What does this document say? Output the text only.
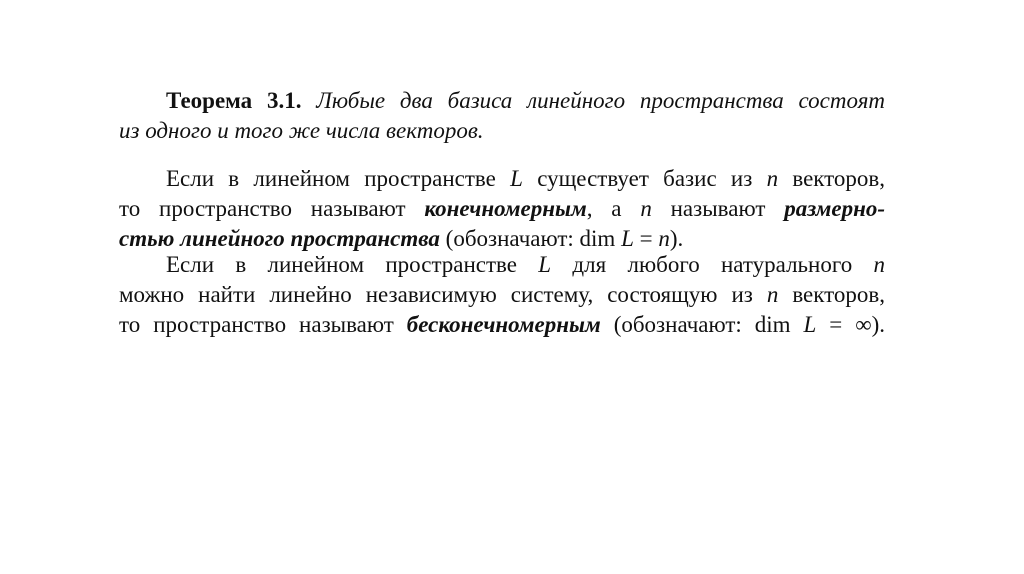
Теорема 3.1. Любые два базиса линейного пространства состоят
из одного и того же числа векторов.
Если в линейном пространстве L существует базис из n векторов,
то пространство называют конечномерным, а n называют размерно-
стью линейного пространства (обозначают: dim L = n).
Если в линейном пространстве L для любого натурального n
можно найти линейно независимую систему, состоящую из n векторов,
то пространство называют бесконечномерным (обозначают: dim L = ∞).
